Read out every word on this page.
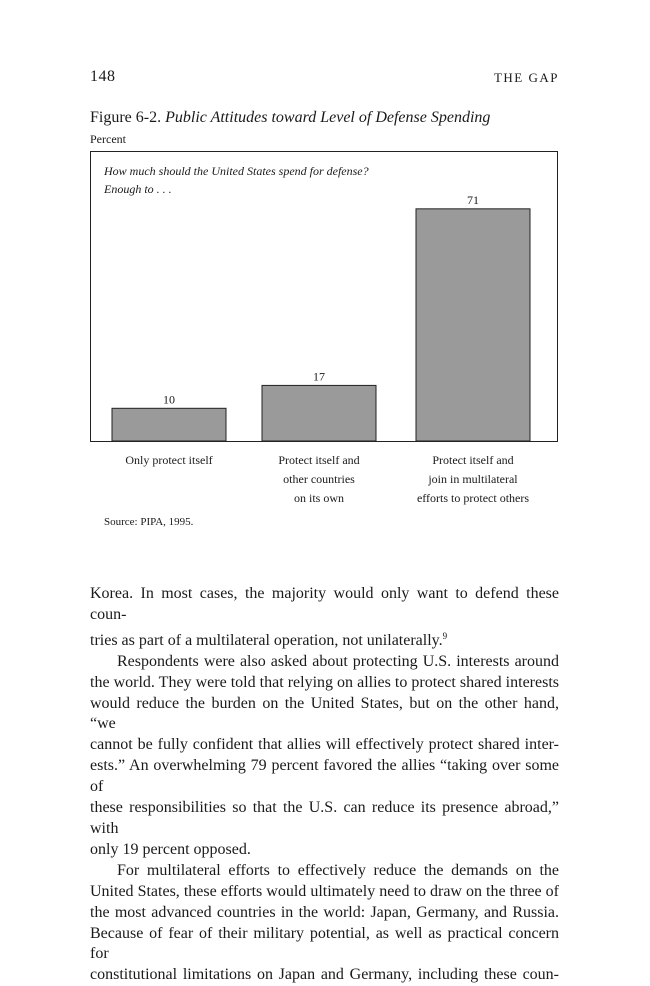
148	THE GAP
Figure 6-2. Public Attitudes toward Level of Defense Spending
Percent
10
17
71
How much should the United States spend for defense?
Enough to . . .
Only protect itself	Protect itself and
other countries
on its own
Protect itself and
join in multilateral
efforts to protect others
Source: PIPA, 1995.

Korea. In most cases, the majority would only want to defend these coun-

tries as part of a multilateral operation, not unilaterally.$^9$

Respondents were also asked about protecting U.S. interests around

the world. They were told that relying on allies to protect shared interests

would reduce the burden on the United States, but on the other hand, “we

cannot be fully confident that allies will effectively protect shared inter-

ests.” An overwhelming 79 percent favored the allies “taking over some of

these responsibilities so that the U.S. can reduce its presence abroad,” with

only 19 percent opposed.

For multilateral efforts to effectively reduce the demands on the

United States, these efforts would ultimately need to draw on the three of

the most advanced countries in the world: Japan, Germany, and Russia.

Because of fear of their military potential, as well as practical concern for

constitutional limitations on Japan and Germany, including these coun-
